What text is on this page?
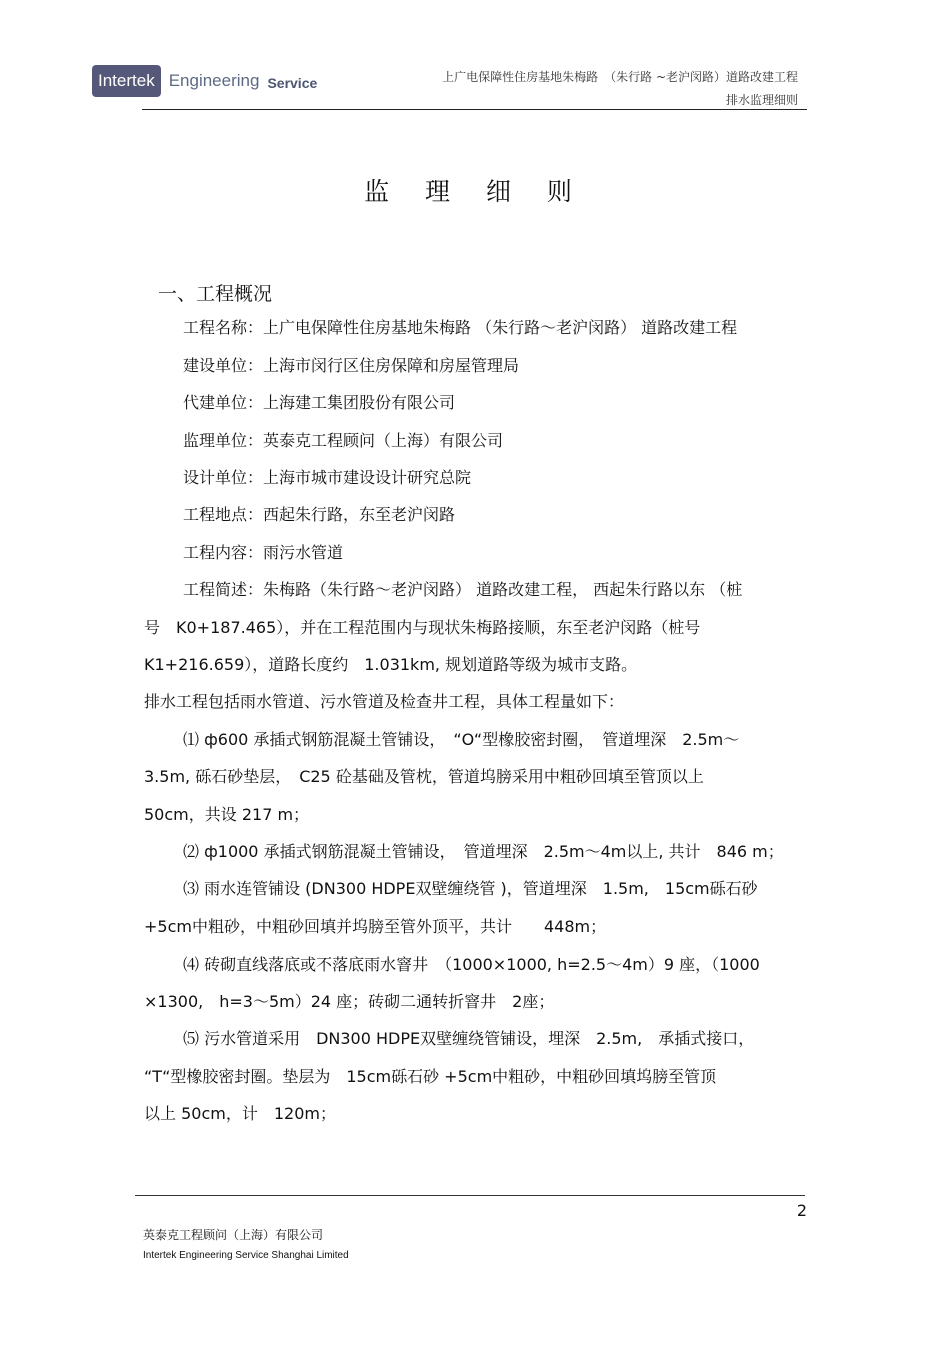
Intertek Engineering Service	上广电保障性住房基地朱梅路　（朱行路 ~老沪闵路）道路改建工程
排水监理细则
监 理 细 则
一、工程概况
工程名称：上广电保障性住房基地朱梅路 （朱行路～老沪闵路） 道路改建工程
建设单位：上海市闵行区住房保障和房屋管理局
代建单位：上海建工集团股份有限公司
监理单位：英泰克工程顾问（上海）有限公司
设计单位：上海市城市建设设计研究总院
工程地点：西起朱行路，东至老沪闵路
工程内容：雨污水管道
工程简述：朱梅路（朱行路～老沪闵路） 道路改建工程， 西起朱行路以东 （桩
号　K0+187.465），并在工程范围内与现状朱梅路接顺，东至老沪闵路（桩号
K1+216.659），道路长度约　1.031km, 规划道路等级为城市支路。
排水工程包括雨水管道、污水管道及检查井工程，具体工程量如下：
⑴ ф600 承插式钢筋混凝土管铺设，　“O“型橡胶密封圈，　管道埋深　2.5m～
3.5m, 砾石砂垫层，　C25 砼基础及管枕，管道坞膀采用中粗砂回填至管顶以上
50cm，共设 217 m；
⑵ ф1000 承插式钢筋混凝土管铺设，　管道埋深　2.5m～4m以上, 共计　846 m；
⑶ 雨水连管铺设 (DN300 HDPE双壁缠绕管 )，管道埋深　1.5m,　15cm砾石砂
+5cm中粗砂，中粗砂回填并坞膀至管外顶平，共计　　448m；
⑷ 砖砌直线落底或不落底雨水窨井　（1000×1000, h=2.5～4m）9 座，（1000
×1300,　h=3～5m）24 座；砖砌二通转折窨井　2座；
⑸ 污水管道采用　DN300 HDPE双壁缠绕管铺设，埋深　2.5m,　承插式接口，
“T“型橡胶密封圈。垫层为　15cm砾石砂 +5cm中粗砂，中粗砂回填坞膀至管顶
以上 50cm，计　120m；
2
英泰克工程顾问（上海）有限公司
Intertek Engineering Service Shanghai Limited
